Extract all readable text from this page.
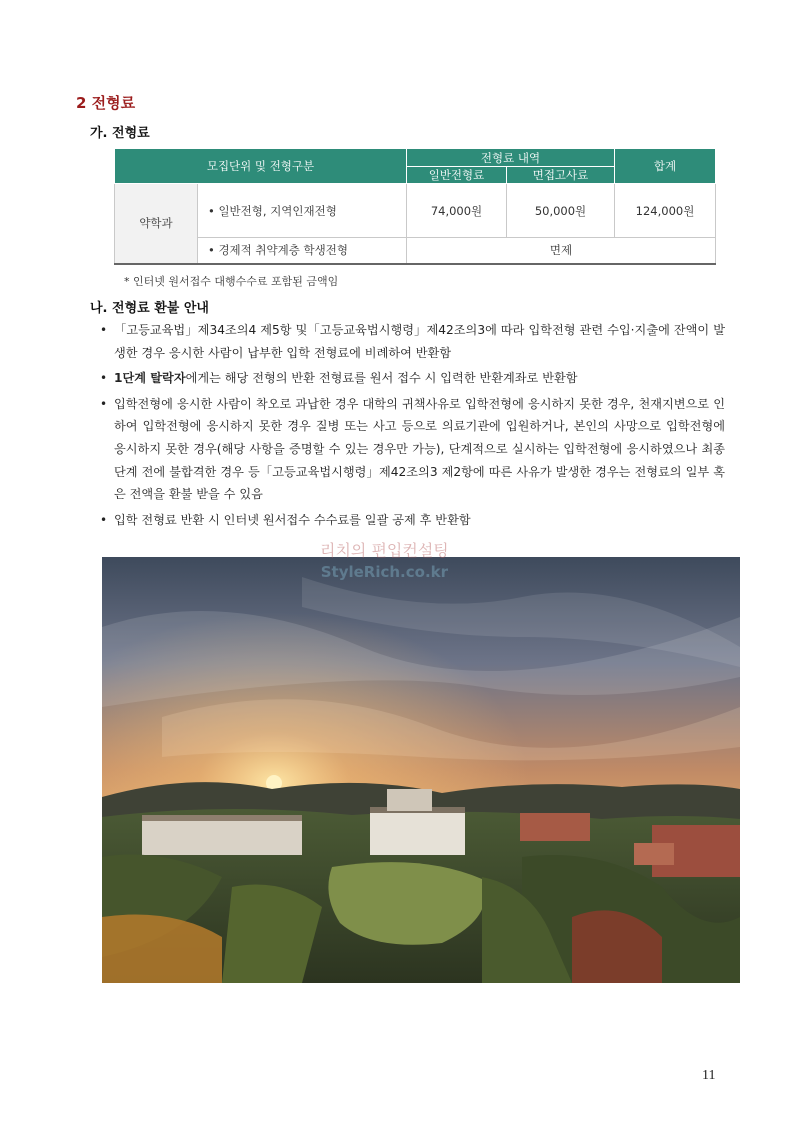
2 전형료
가. 전형료
모집단위 및 전형구분		전형료 내역		합계
		일반전형료	면접고사료	
약학과	• 일반전형, 지역인재전형	74,000원	50,000원	124,000원
	• 경제적 취약계층 학생전형	면제		
* 인터넷 원서접수 대행수수료 포함된 금액임
나. 전형료 환불 안내
• 「고등교육법」제34조의4 제5항 및「고등교육법시행령」제42조의3에 따라 입학전형 관련 수입·지출에 잔액이 발생한 경우 응시한 사람이 납부한 입학 전형료에 비례하여 반환함
• 1단계 탈락자에게는 해당 전형의 반환 전형료를 원서 접수 시 입력한 반환계좌로 반환함
• 입학전형에 응시한 사람이 착오로 과납한 경우 대학의 귀책사유로 입학전형에 응시하지 못한 경우, 천재지변으로 인하여 입학전형에 응시하지 못한 경우 질병 또는 사고 등으로 의료기관에 입원하거나, 본인의 사망으로 입학전형에 응시하지 못한 경우(해당 사항을 증명할 수 있는 경우만 가능), 단계적으로 실시하는 입학전형에 응시하였으나 최종 단계 전에 불합격한 경우 등「고등교육법시행령」제42조의3 제2항에 따른 사유가 발생한 경우는 전형료의 일부 혹은 전액을 환불 받을 수 있음
• 입학 전형료 반환 시 인터넷 원서접수 수수료를 일괄 공제 후 반환함
리치의 편입컨설팅
StyleRich.co.kr
11
